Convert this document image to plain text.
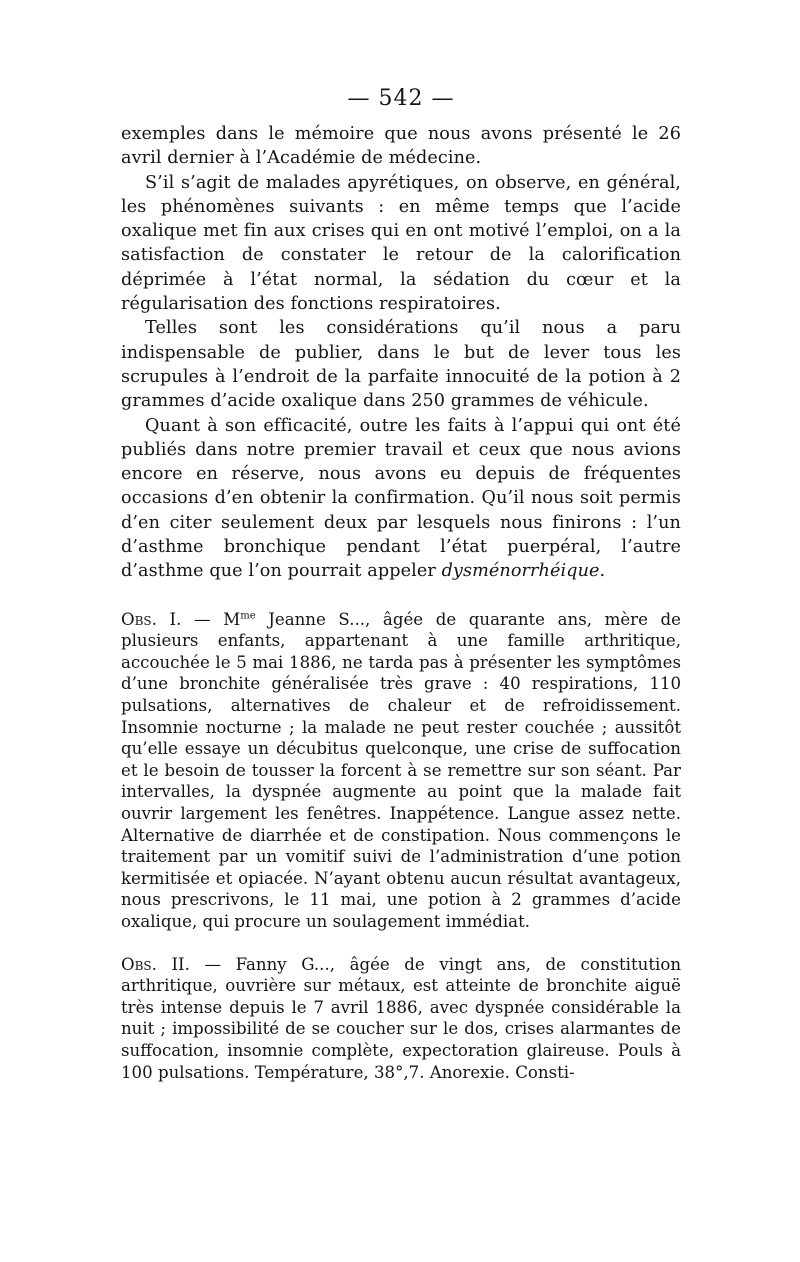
— 542 —

exemples dans le mémoire que nous avons présenté le 26 avril dernier à l’Académie de médecine.

S’il s’agit de malades apyrétiques, on observe, en général, les phénomènes suivants : en même temps que l’acide oxalique met fin aux crises qui en ont motivé l’emploi, on a la satisfaction de constater le retour de la calorification déprimée à l’état normal, la sédation du cœur et la régularisation des fonctions respiratoires.

Telles sont les considérations qu’il nous a paru indispensable de publier, dans le but de lever tous les scrupules à l’endroit de la parfaite innocuité de la potion à 2 grammes d’acide oxalique dans 250 grammes de véhicule.

Quant à son efficacité, outre les faits à l’appui qui ont été publiés dans notre premier travail et ceux que nous avions encore en réserve, nous avons eu depuis de fréquentes occasions d’en obtenir la confirmation. Qu’il nous soit permis d’en citer seulement deux par lesquels nous finirons : l’un d’asthme bronchique pendant l’état puerpéral, l’autre d’asthme que l’on pourrait appeler dysménorrhéique.

Obs. I. — $M^{me}$ Jeanne S..., âgée de quarante ans, mère de plusieurs enfants, appartenant à une famille arthritique, accouchée le 5 mai 1886, ne tarda pas à présenter les symptômes d’une bronchite généralisée très grave : 40 respirations, 110 pulsations, alternatives de chaleur et de refroidissement. Insomnie nocturne ; la malade ne peut rester couchée ; aussitôt qu’elle essaye un décubitus quelconque, une crise de suffocation et le besoin de tousser la forcent à se remettre sur son séant. Par intervalles, la dyspnée augmente au point que la malade fait ouvrir largement les fenêtres. Inappétence. Langue assez nette. Alternative de diarrhée et de constipation. Nous commençons le traitement par un vomitif suivi de l’administration d’une potion kermitisée et opiacée. N’ayant obtenu aucun résultat avantageux, nous prescrivons, le 11 mai, une potion à 2 grammes d’acide oxalique, qui procure un soulagement immédiat.

Obs. II. — Fanny G..., âgée de vingt ans, de constitution arthritique, ouvrière sur métaux, est atteinte de bronchite aiguë très intense depuis le 7 avril 1886, avec dyspnée considérable la nuit ; impossibilité de se coucher sur le dos, crises alarmantes de suffocation, insomnie complète, expectoration glaireuse. Pouls à 100 pulsations. Température, 38°,7. Anorexie. Consti-
